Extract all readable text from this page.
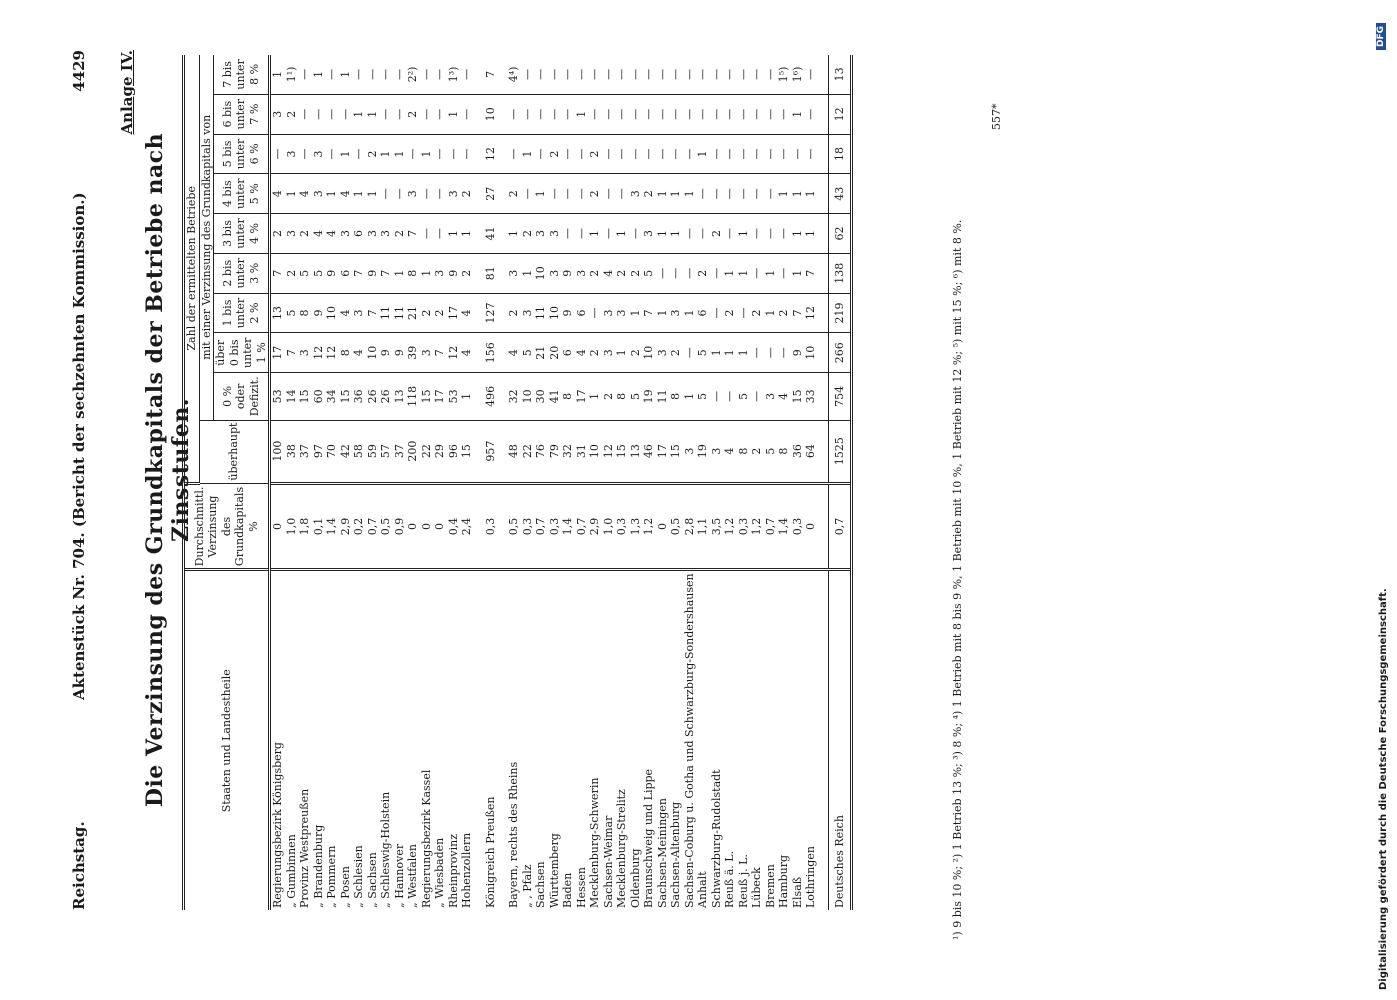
Reichstag.
Aktenstück Nr. 704. (Bericht der sechzehnten Kommission.)
4429 Anlage IV.
Die Verzinsung des Grundkapitals der Betriebe nach Zinsstufen.
Staaten und Landestheile	Durchschnittl. Verzinsung des Grundkapitals %	Zahl der ermittelten Betriebe									
		überhaupt	mit einer Verzinsung des Grundkapitals von								
			0 % oder Defizit.	über 0 bis unter 1 %	1 bis unter 2 %	2 bis unter 3 %	3 bis unter 4 %	4 bis unter 5 %	5 bis unter 6 %	6 bis unter 7 %	7 bis unter 8 %
Regierungsbezirk Königsberg	0	100	53	17	13	7	2	4	—	3	1
„ Gumbinnen	1,0	38	14	7	5	2	3	1	3	2	1¹)
Provinz Westpreußen	1,8	37	15	3	8	5	2	4	—	—	—
„ Brandenburg	0,1	97	60	12	9	5	4	3	3	—	1
„ Pommern	1,4	70	34	12	10	9	4	1	—	—	—
„ Posen	2,9	42	15	8	4	6	3	4	1	—	1
„ Schlesien	0,2	58	36	4	3	7	6	1	—	1	—
„ Sachsen	0,7	59	26	10	7	9	3	1	2	1	—
„ Schleswig-Holstein	0,5	57	26	9	11	7	3	—	1	—	—
„ Hannover	0,9	37	13	9	11	1	2	—	1	—	—
„ Westfalen	0	200	118	39	21	8	7	3	—	2	2²)
Regierungsbezirk Kassel	0	22	15	3	2	1	—	—	1	—	—
„ Wiesbaden	0	29	17	7	2	3	—	—	—	—	—
Rheinprovinz	0,4	96	53	12	17	9	1	3	—	1	1³)
Hohenzollern	2,4	15	1	4	4	2	1	2	—	—	—

Königreich Preußen	0,3	957	496	156	127	81	41	27	12	10	7

Bayern, rechts des Rheins	0,5	48	32	4	2	3	1	2	—	—	4⁴)
„ , Pfalz	0,3	22	10	5	3	1	2	—	1	—	—
Sachsen	0,7	76	30	21	11	10	3	1	—	—	—
Württemberg	0,3	79	41	20	10	3	3	—	2	—	—
Baden	1,4	32	8	6	9	9	—	—	—	—	—
Hessen	0,7	31	17	4	6	3	—	—	—	1	—
Mecklenburg-Schwerin	2,9	10	1	2	—	2	1	2	2	—	—
Sachsen-Weimar	1,0	12	2	3	3	4	—	—	—	—	—
Mecklenburg-Strelitz	0,3	15	8	1	3	2	1	—	—	—	—
Oldenburg	1,3	13	5	2	1	2	—	3	—	—	—
Braunschweig und Lippe	1,2	46	19	10	7	5	3	2	—	—	—
Sachsen-Meiningen	0	17	11	3	1	—	1	1	—	—	—
Sachsen-Altenburg	0,5	15	8	2	3	—	1	1	—	—	—
Sachsen-Coburg u. Gotha und Schwarzburg-Sondershausen	2,8	3	1	—	1	—	—	1	—	—	—
Anhalt	1,1	19	5	5	6	2	—	—	1	—	—
Schwarzburg-Rudolstadt	3,5	3	—	1	—	—	2	—	—	—	—
Reuß ä. L.	1,2	4	—	1	2	1	—	—	—	—	—
Reuß j. L.	0,3	8	5	1	—	1	1	—	—	—	—
Lübeck	1,2	2	—	—	2	—	—	—	—	—	—
Bremen	0,7	5	3	—	1	1	—	—	—	—	—
Hamburg	1,4	8	4	—	2	—	—	1	—	—	1⁵)
Elsaß	0,3	36	15	9	7	1	1	1	—	1	1⁶)
Lothringen	0	64	33	10	12	7	1	1	—	—	—

Deutsches Reich	0,7	1525	754	266	219	138	62	43	18	12	13
¹) 9 bis 10 %; ²) 1 Betrieb 13 %; ³) 8 %; ⁴) 1 Betrieb mit 8 bis 9 %, 1 Betrieb mit 10 %, 1 Betrieb mit 12 %; ⁵) mit 15 %; ⁶) mit 8 %.
557*
Digitalisierung gefördert durch die Deutsche Forschungsgemeinschaft.
DFG
